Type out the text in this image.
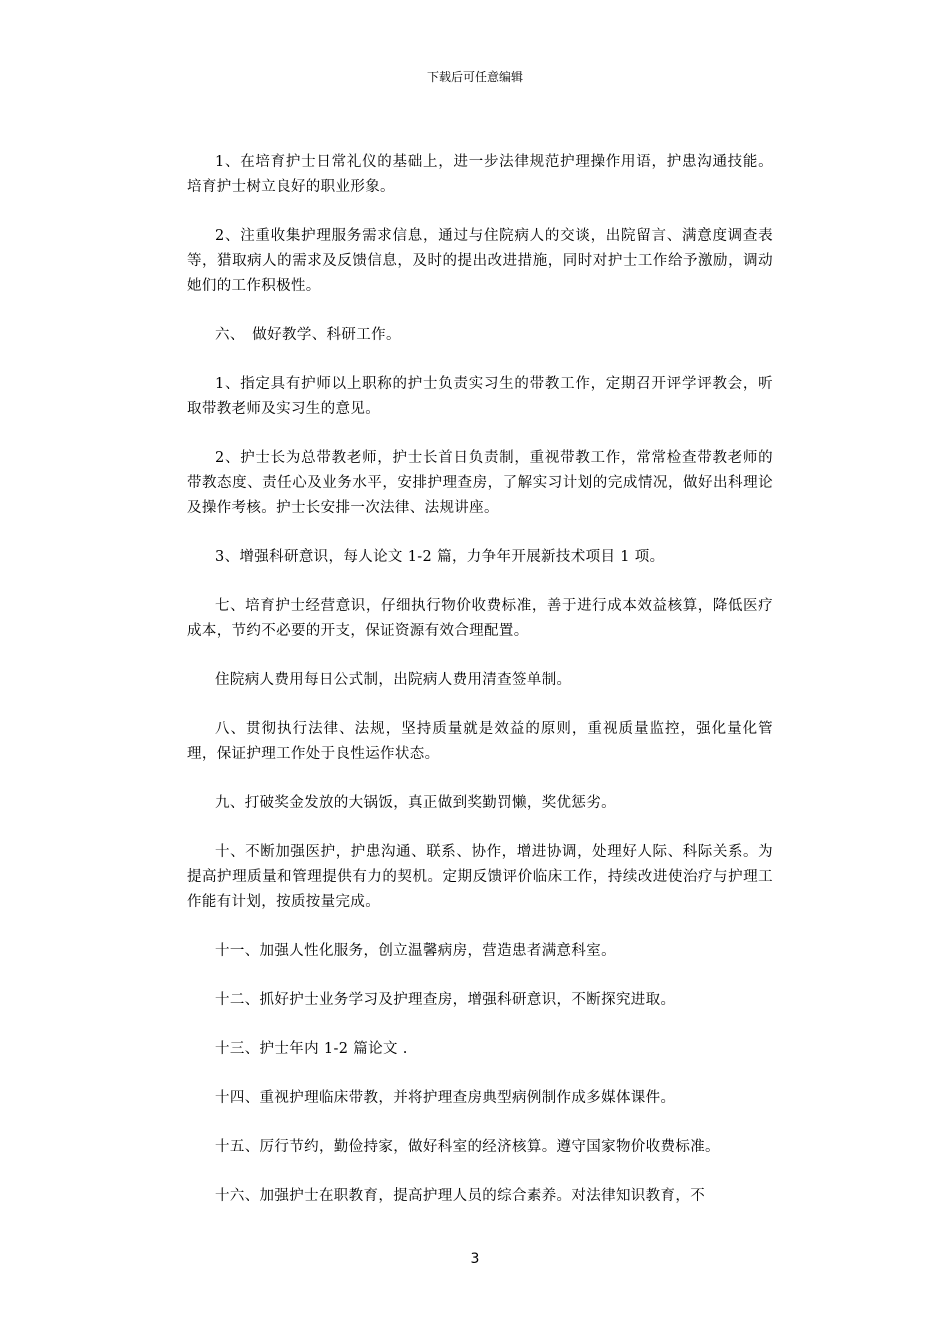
下载后可任意编辑

1、在培育护士日常礼仪的基础上，进一步法律规范护理操作用语，护患沟通技能。培育护士树立良好的职业形象。

2、注重收集护理服务需求信息，通过与住院病人的交谈，出院留言、满意度调查表等，猎取病人的需求及反馈信息，及时的提出改进措施，同时对护士工作给予激励，调动她们的工作积极性。

六、　做好教学、科研工作。

1、指定具有护师以上职称的护士负责实习生的带教工作，定期召开评学评教会，听取带教老师及实习生的意见。

2、护士长为总带教老师，护士长首日负责制，重视带教工作，常常检查带教老师的带教态度、责任心及业务水平，安排护理查房，了解实习计划的完成情况，做好出科理论及操作考核。护士长安排一次法律、法规讲座。

3、增强科研意识，每人论文 1-2 篇，力争年开展新技术项目 1 项。

七、培育护士经营意识，仔细执行物价收费标准，善于进行成本效益核算，降低医疗成本，节约不必要的开支，保证资源有效合理配置。

住院病人费用每日公式制，出院病人费用清查签单制。

八、贯彻执行法律、法规，坚持质量就是效益的原则，重视质量监控，强化量化管理，保证护理工作处于良性运作状态。

九、打破奖金发放的大锅饭，真正做到奖勤罚懒，奖优惩劣。

十、不断加强医护，护患沟通、联系、协作，增进协调，处理好人际、科际关系。为提高护理质量和管理提供有力的契机。定期反馈评价临床工作，持续改进使治疗与护理工作能有计划，按质按量完成。

十一、加强人性化服务，创立温馨病房，营造患者满意科室。

十二、抓好护士业务学习及护理查房，增强科研意识，不断探究进取。

十三、护士年内 1-2 篇论文 .

十四、重视护理临床带教，并将护理查房典型病例制作成多媒体课件。

十五、厉行节约，勤俭持家，做好科室的经济核算。遵守国家物价收费标准。

十六、加强护士在职教育，提高护理人员的综合素养。对法律知识教育，不

3
